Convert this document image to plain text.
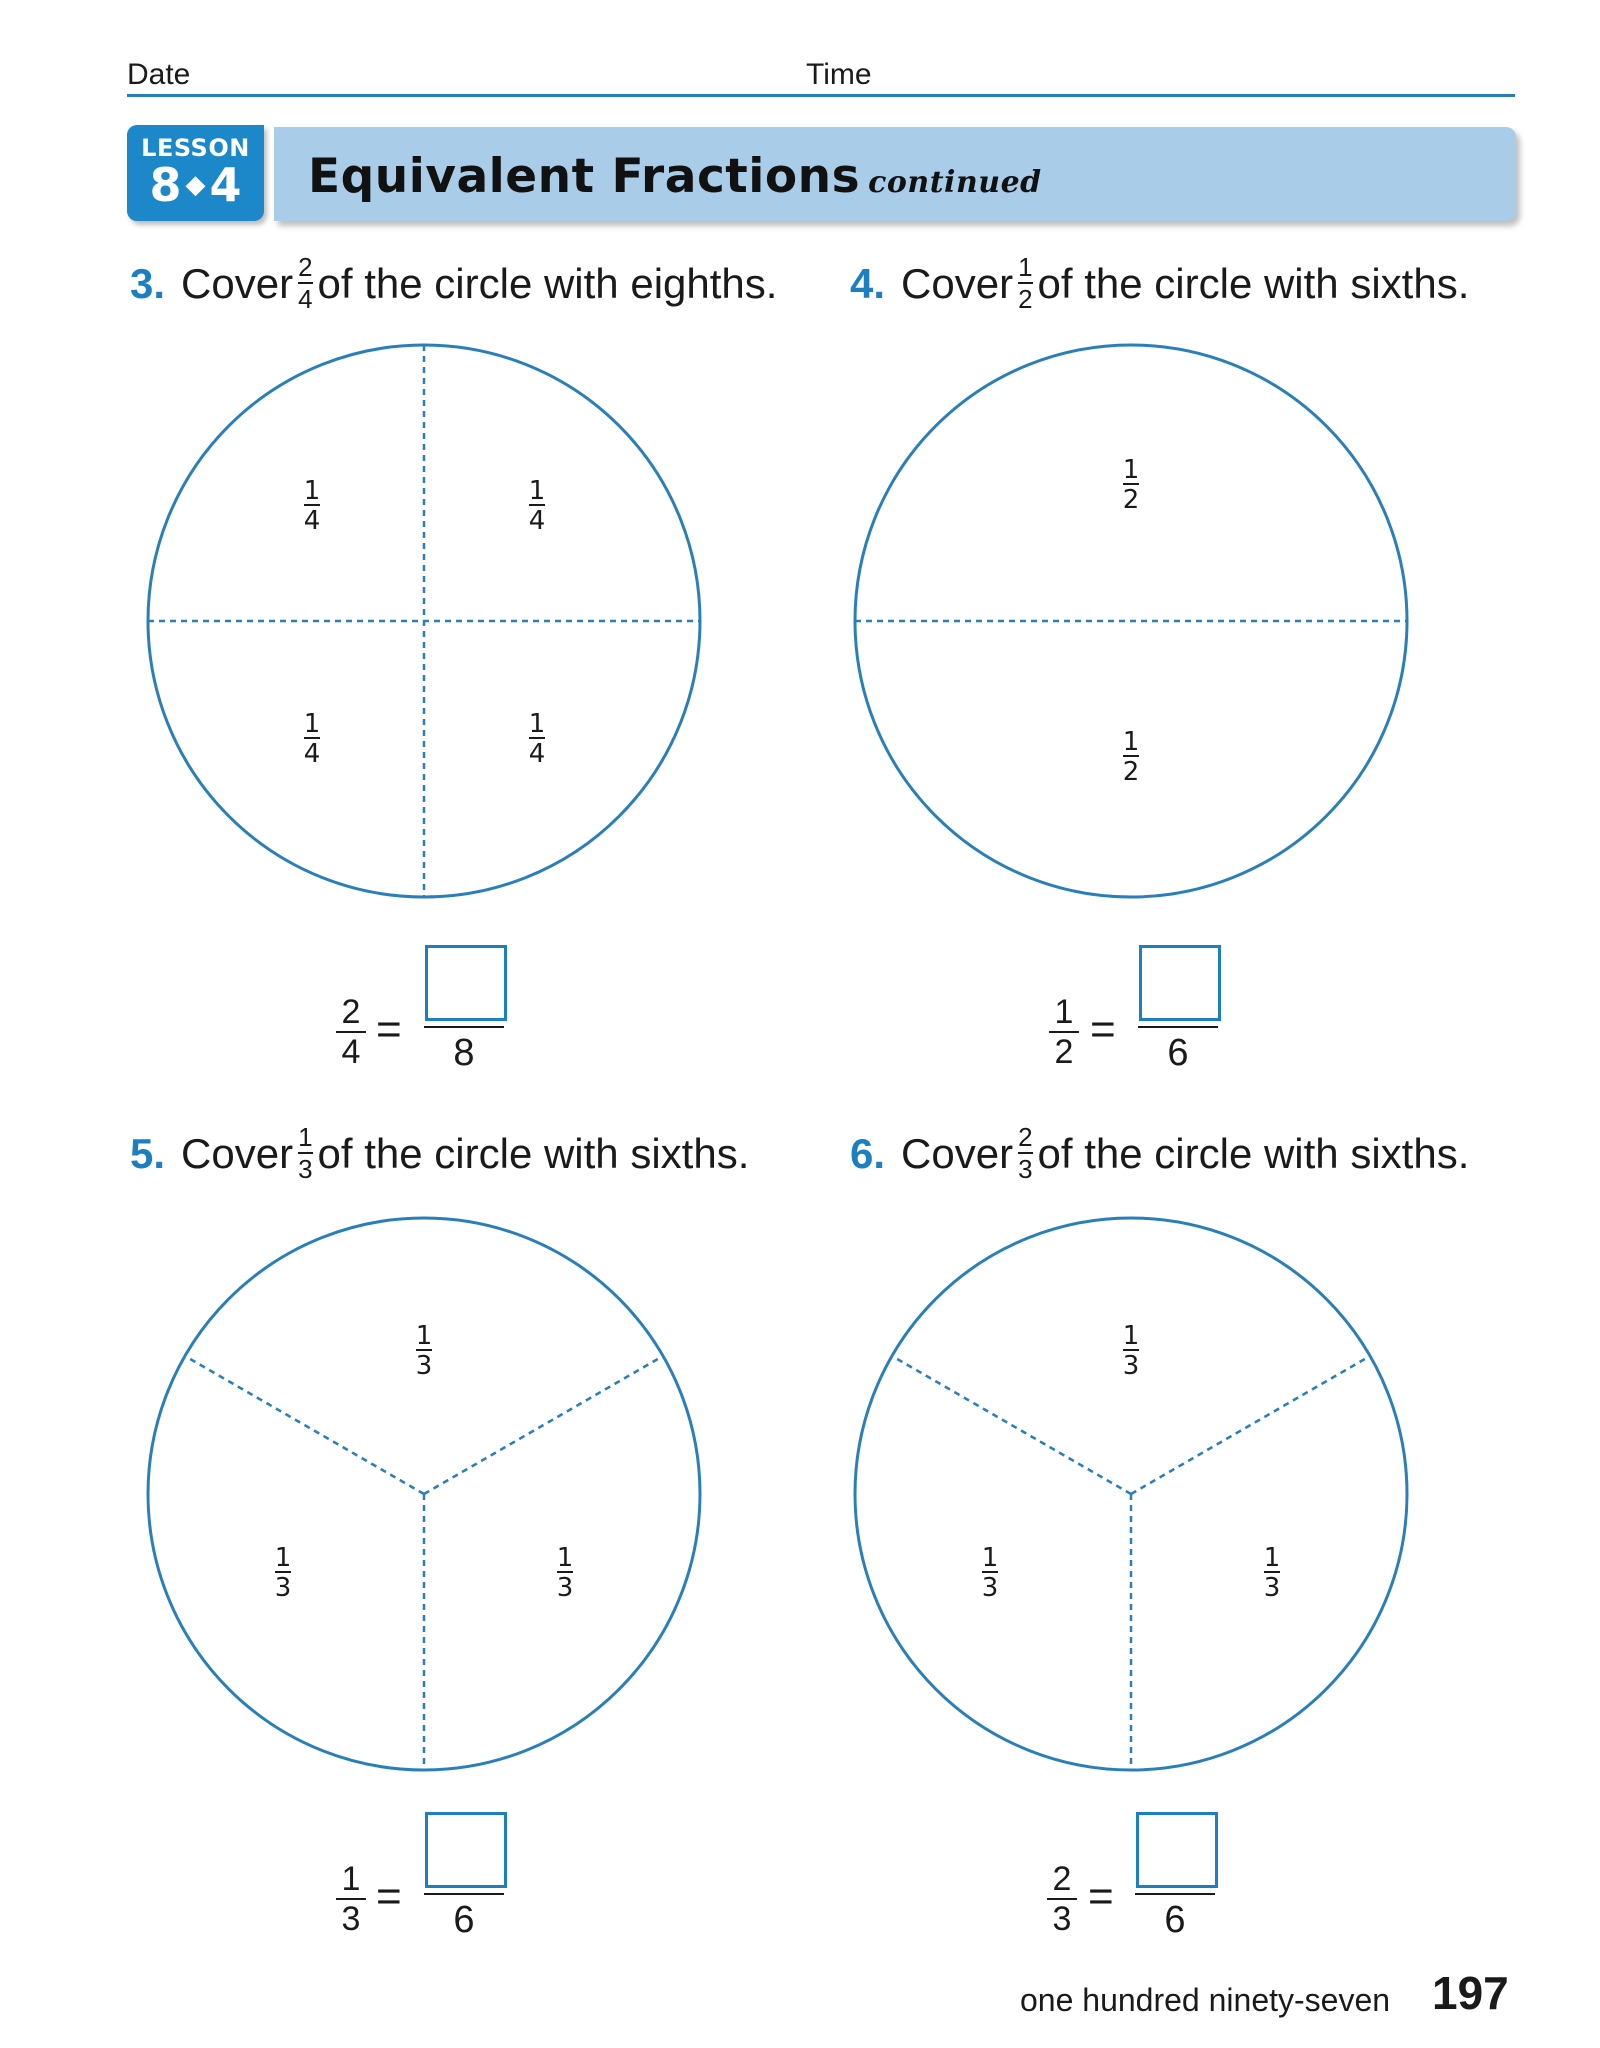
Date	Time
LESSON
8 ◆4	Equivalent Fractions continued
3. Cover $\frac{2}{4}$ of the circle with eighths. 4. Cover $\frac{1}{2}$ of the circle with sixths.
5. Cover $\frac{1}{3}$ of the circle with sixths. 6. Cover $\frac{2}{3}$ of the circle with sixths.
1
4
1
4
1
4
1
4
1
2
1
2
1
3
1
3
1
3
1
3
1
3
1
3
2
4 =	8
1
2 =	6
1
3 =	6
2
3 =	6
one hundred ninety-seven 197
